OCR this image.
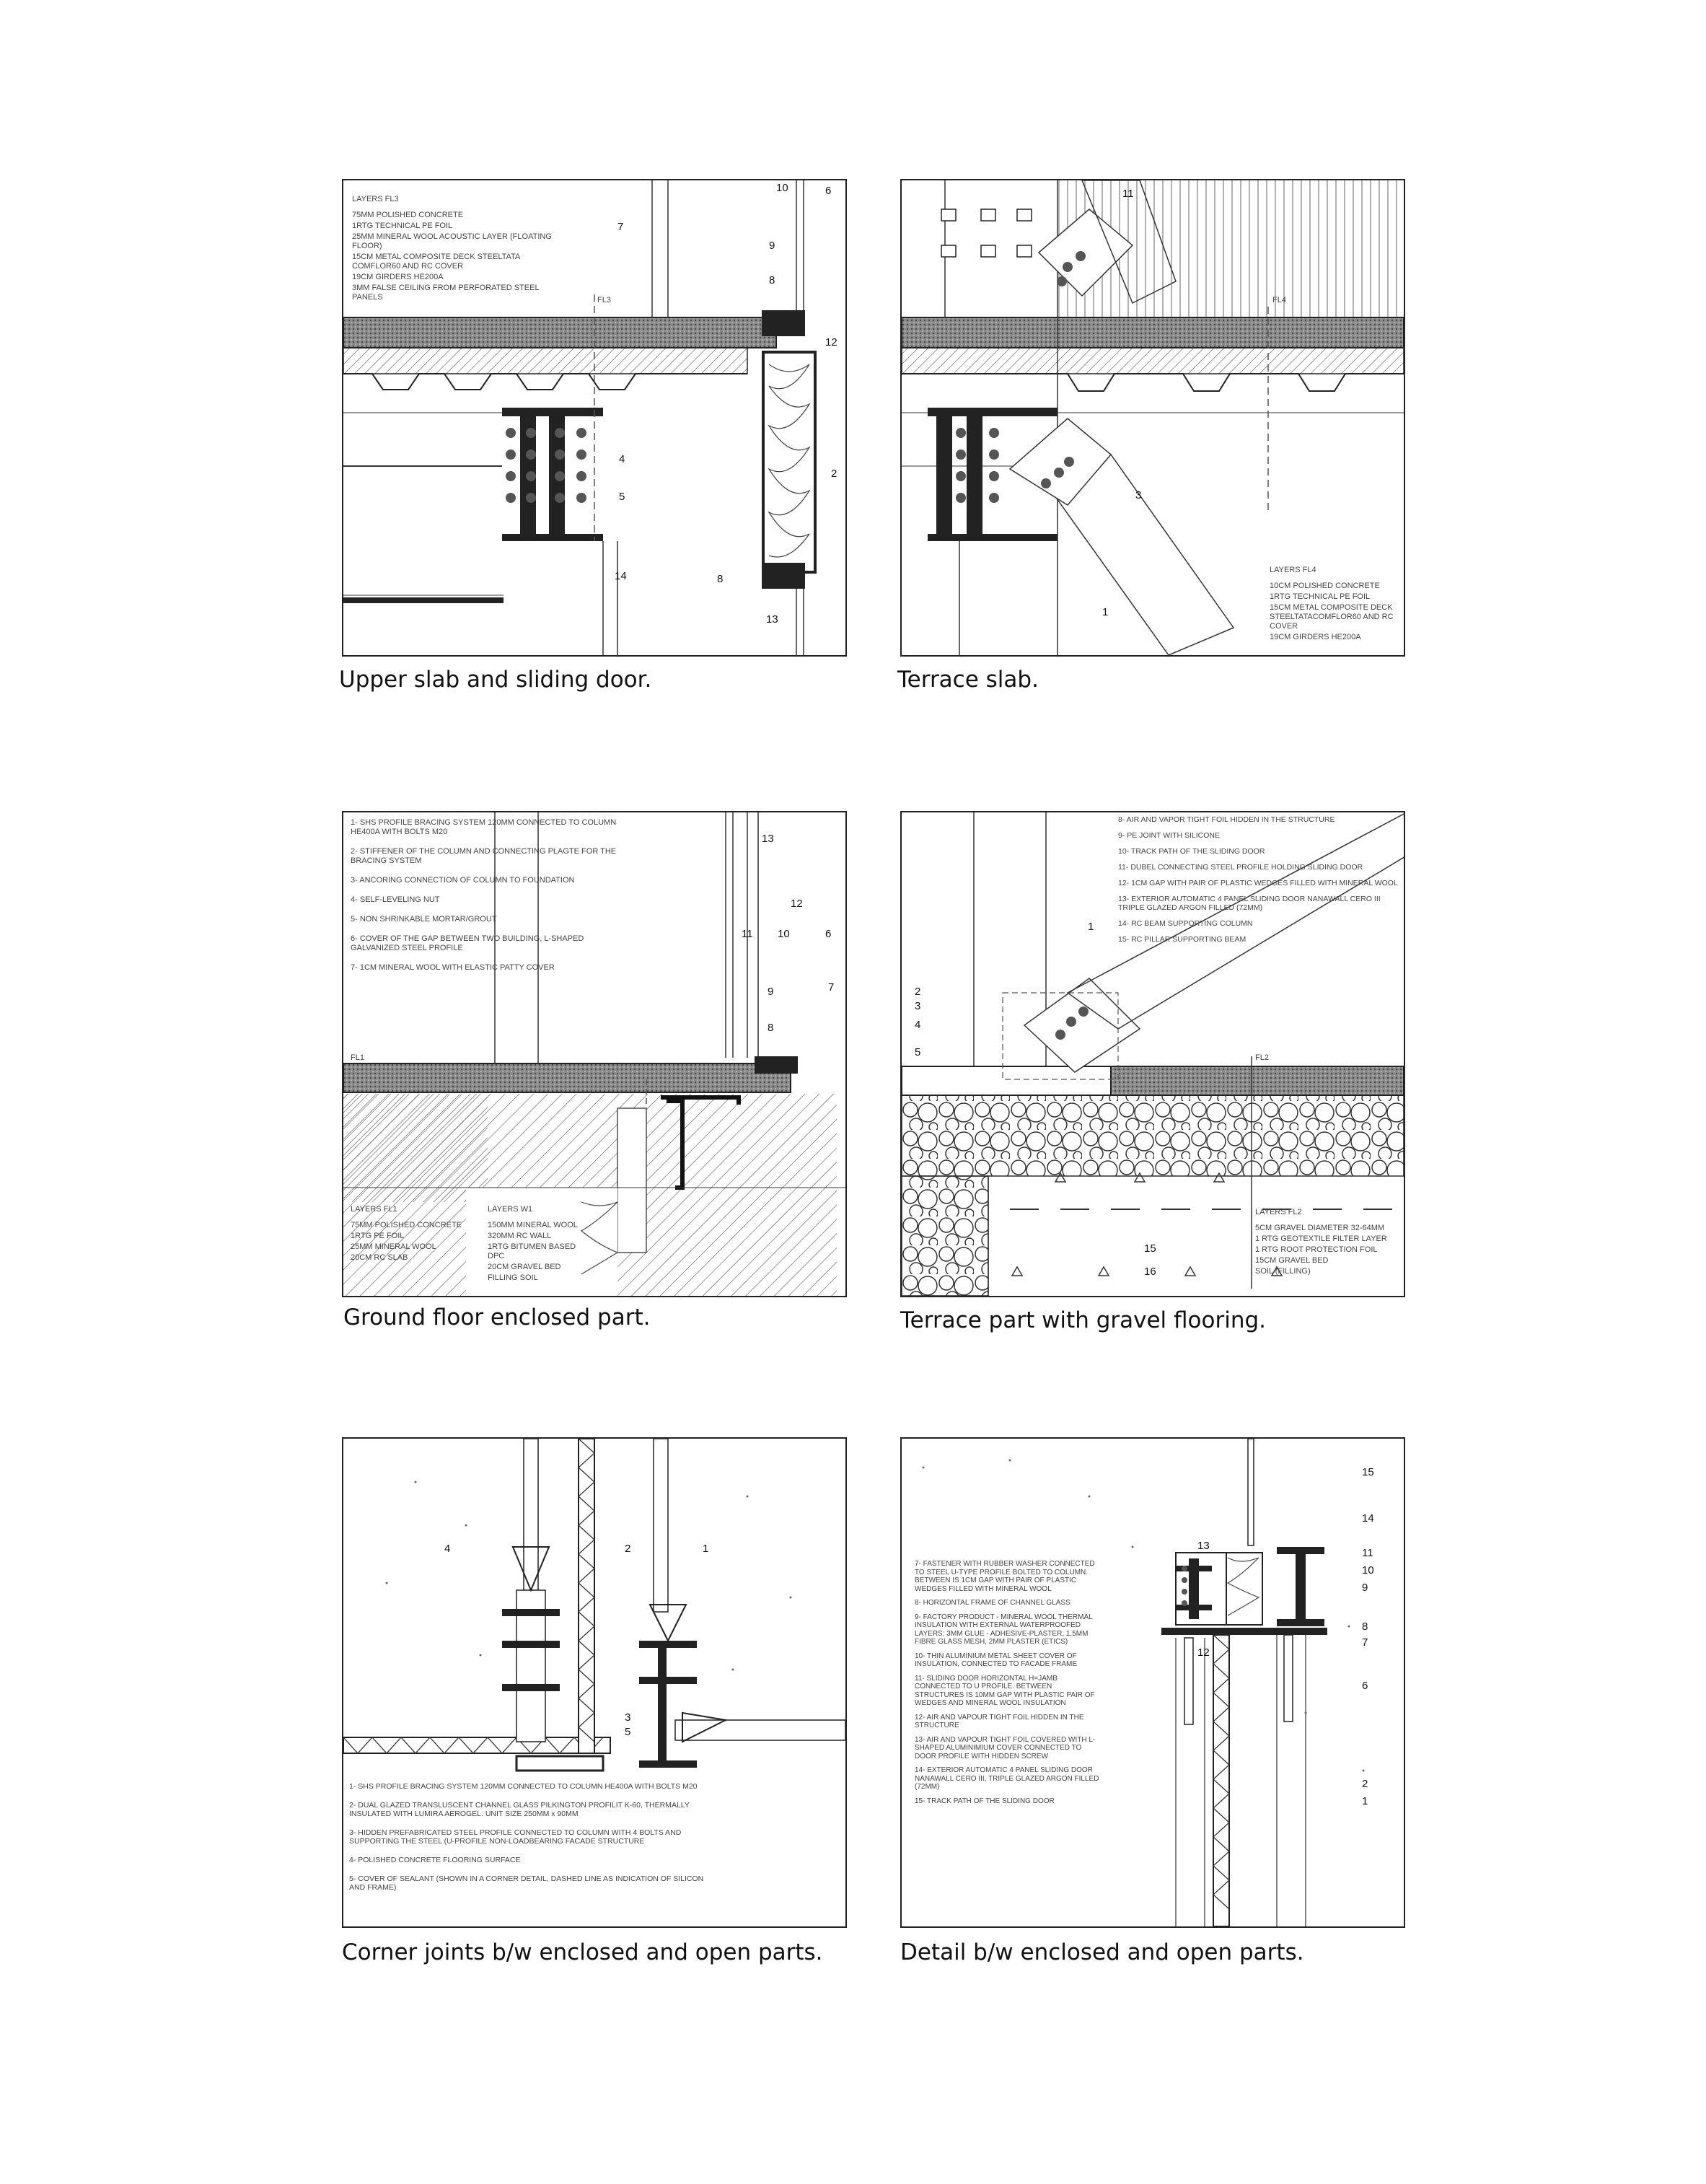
LAYERS FL3
75MM POLISHED CONCRETE
1RTG TECHNICAL PE FOIL
25MM MINERAL WOOL ACOUSTIC LAYER (FLOATING FLOOR)
15CM METAL COMPOSITE DECK STEELTATA COMFLOR60 AND RC COVER
19CM GIRDERS HE200A
3MM FALSE CEILING FROM PERFORATED STEEL PANELS	FL3
10	6
7
9
8
12
4
5
2
14	8
13
Upper slab and sliding door.
FL4
LAYERS FL4
10CM POLISHED CONCRETE
1RTG TECHNICAL PE FOIL
15CM METAL COMPOSITE DECK STEELTATACOMFLOR60 AND RC COVER
19CM GIRDERS HE200A
11
3
1
Terrace slab.
1- SHS PROFILE BRACING SYSTEM 120MM CONNECTED TO COLUMN HE400A WITH BOLTS M20
2- STIFFENER OF THE COLUMN AND CONNECTING PLAGTE FOR THE BRACING SYSTEM
3- ANCORING CONNECTION OF COLUMN TO FOUNDATION
4- SELF-LEVELING NUT
5- NON SHRINKABLE MORTAR/GROUT
6- COVER OF THE GAP BETWEEN TWO BUILDING, L-SHAPED GALVANIZED STEEL PROFILE
7- 1CM MINERAL WOOL WITH ELASTIC PATTY COVER
FL1
LAYERS FL1
75MM POLISHED CONCRETE
1RTG PE FOIL
25MM MINERAL WOOL
20CM RC SLAB
LAYERS W1
150MM MINERAL WOOL
320MM RC WALL
1RTG BITUMEN BASED DPC
20CM GRAVEL BED
FILLING SOIL
13
12
11 10	6
9	7
8
Ground floor enclosed part.
8- AIR AND VAPOR TIGHT FOIL HIDDEN IN THE STRUCTURE
9- PE JOINT WITH SILICONE
10- TRACK PATH OF THE SLIDING DOOR
11- DUBEL CONNECTING STEEL PROFILE HOLDING SLIDING DOOR
12- 1CM GAP WITH PAIR OF PLASTIC WEDGES FILLED WITH MINERAL WOOL
13- EXTERIOR AUTOMATIC 4 PANEL SLIDING DOOR NANAWALL CERO III TRIPLE GLAZED ARGON FILLED (72MM)
14- RC BEAM SUPPORTING COLUMN
15- RC PILLAR SUPPORTING BEAM
FL2
LAYERS FL2
5CM GRAVEL DIAMETER 32-64MM
1 RTG GEOTEXTILE FILTER LAYER
1 RTG ROOT PROTECTION FOIL
15CM GRAVEL BED
SOIL (FILLING)
1
2
3
4
5
15
16
Terrace part with gravel flooring.
1- SHS PROFILE BRACING SYSTEM 120MM CONNECTED TO COLUMN HE400A WITH BOLTS M20
2- DUAL GLAZED TRANSLUSCENT CHANNEL GLASS PILKINGTON PROFILIT K-60, THERMALLY INSULATED WITH LUMIRA AEROGEL. UNIT SIZE 250MM x 90MM
3- HIDDEN PREFABRICATED STEEL PROFILE CONNECTED TO COLUMN WITH 4 BOLTS AND SUPPORTING THE STEEL (U-PROFILE NON-LOADBEARING FACADE STRUCTURE
4- POLISHED CONCRETE FLOORING SURFACE
5- COVER OF SEALANT (SHOWN IN A CORNER DETAIL, DASHED LINE AS INDICATION OF SILICON AND FRAME)
4	2	1
3
5
Corner joints b/w enclosed and open parts.
7- FASTENER WITH RUBBER WASHER CONNECTED TO STEEL U-TYPE PROFILE BOLTED TO COLUMN. BETWEEN IS 1CM GAP WITH PAIR OF PLASTIC WEDGES FILLED WITH MINERAL WOOL
8- HORIZONTAL FRAME OF CHANNEL GLASS
9- FACTORY PRODUCT - MINERAL WOOL THERMAL INSULATION WITH EXTERNAL WATERPROOFED LAYERS: 3MM GLUE - ADHESIVE-PLASTER, 1,5MM FIBRE GLASS MESH, 2MM PLASTER (ETICS)
10- THIN ALUMINIUM METAL SHEET COVER OF INSULATION, CONNECTED TO FACADE FRAME
11- SLIDING DOOR HORIZONTAL H=JAMB CONNECTED TO U PROFILE. BETWEEN STRUCTURES IS 10MM GAP WITH PLASTIC PAIR OF WEDGES AND MINERAL WOOL INSULATION
12- AIR AND VAPOUR TIGHT FOIL HIDDEN IN THE STRUCTURE
13- AIR AND VAPOUR TIGHT FOIL COVERED WITH L-SHAPED ALUMINIMIUM COVER CONNECTED TO DOOR PROFILE WITH HIDDEN SCREW
14- EXTERIOR AUTOMATIC 4 PANEL SLIDING DOOR NANAWALL CERO III, TRIPLE GLAZED ARGON FILLED (72MM)
15- TRACK PATH OF THE SLIDING DOOR
15
14
13
11
10
9
8
7
12
6
2
1
Detail b/w enclosed and open parts.
